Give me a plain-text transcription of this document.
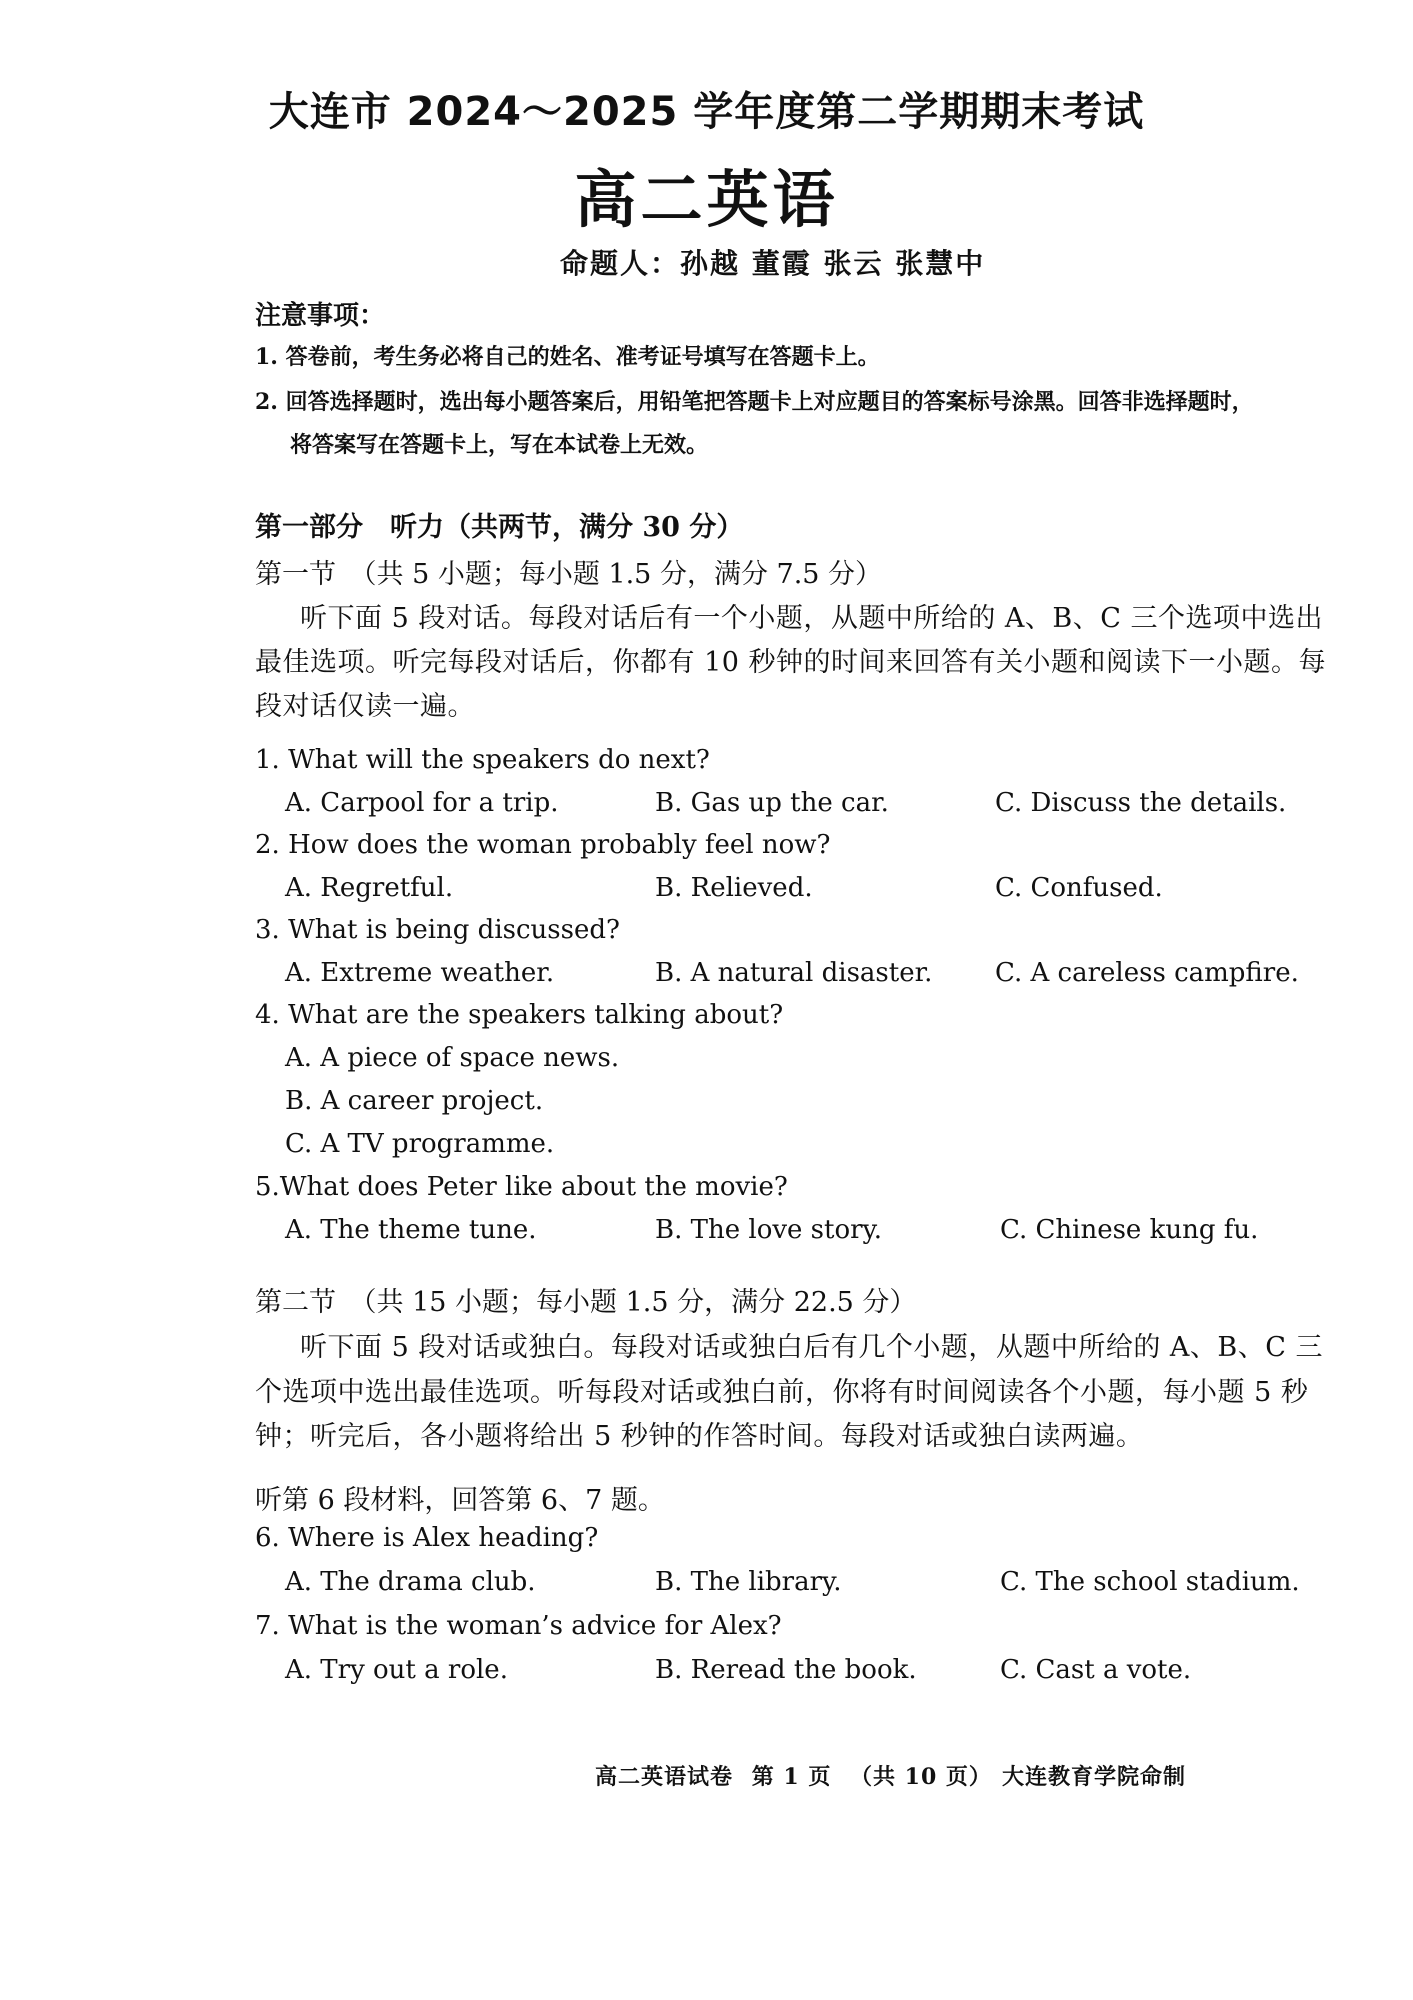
大连市 2024～2025 学年度第二学期期末考试
高二英语
命题人：孙越 董霞 张云 张慧中
注意事项：
1. 答卷前，考生务必将自己的姓名、准考证号填写在答题卡上。
2. 回答选择题时，选出每小题答案后，用铅笔把答题卡上对应题目的答案标号涂黑。回答非选择题时，
将答案写在答题卡上，写在本试卷上无效。
第一部分　听力（共两节，满分 30 分）
第一节　（共 5 小题；每小题 1.5 分，满分 7.5 分）
听下面 5 段对话。每段对话后有一个小题，从题中所给的 A、B、C 三个选项中选出
最佳选项。听完每段对话后，你都有 10 秒钟的时间来回答有关小题和阅读下一小题。每
段对话仅读一遍。
1. What will the speakers do next?
A. Carpool for a trip.	B. Gas up the car.	C. Discuss the details.
2. How does the woman probably feel now?
A. Regretful.	B. Relieved.	C. Confused.
3. What is being discussed?
A. Extreme weather.	B. A natural disaster. C. A careless campfire.
4. What are the speakers talking about?
A. A piece of space news.
B. A career project.
C. A TV programme.
5.What does Peter like about the movie?
A. The theme tune.	B. The love story.	C. Chinese kung fu.
第二节　（共 15 小题；每小题 1.5 分，满分 22.5 分）
听下面 5 段对话或独白。每段对话或独白后有几个小题，从题中所给的 A、B、C 三
个选项中选出最佳选项。听每段对话或独白前，你将有时间阅读各个小题，每小题 5 秒
钟；听完后，各小题将给出 5 秒钟的作答时间。每段对话或独白读两遍。
听第 6 段材料，回答第 6、7 题。
6. Where is Alex heading?
A. The drama club.	B. The library.	C. The school stadium.
7. What is the woman’s advice for Alex?
A. Try out a role.	B. Reread the book.	C. Cast a vote.
高二英语试卷 第 1 页 （共 10 页） 大连教育学院命制
